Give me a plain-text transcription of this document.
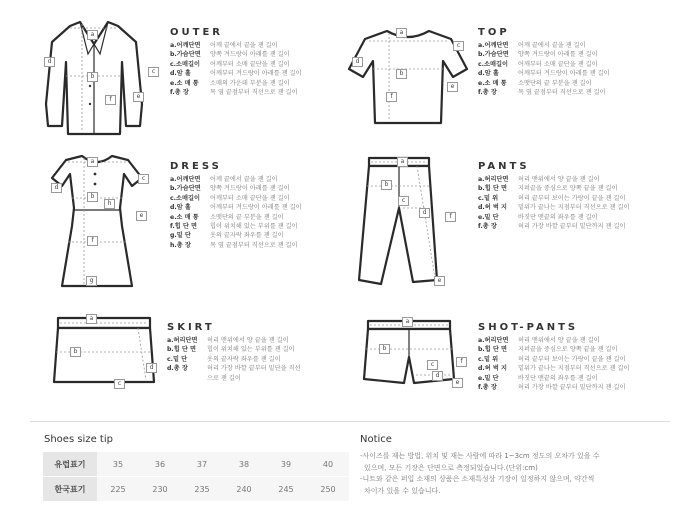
a
b
c
d
e
f
OUTER
a.어깨단면	어깨 끝에서 끝을 잰 길이
b.가슴단면	양쪽 겨드랑이 아래를 잰 길이
c.소매길이	어깨부터 소매 끝단을 잰 길이
d.암 홀	어깨부터 겨드랑이 아래를 잰 길이
e.소 매 통	소매의 가운데 부분을 잰 길이
f.총 장	목 옆 끝점부터 직선으로 잰 길이
a
b
c
d
e
f
TOP
a.어깨단면	어깨 끝에서 끝을 잰 길이
b.가슴단면	양쪽 겨드랑이 아래를 잰 길이
c.소매길이	어깨부터 소매 끝단을 잰 길이
d.암 홀	어깨부터 겨드랑이 아래를 잰 길이
e.소 매 통	소맷단의 끝 부분을 잰 길이
f.총 장	목 옆 끝점부터 직선으로 잰 길이
a
b
c
d
e
f
g
h
DRESS
a.어깨단면	어깨 끝에서 끝을 잰 길이
b.가슴단면	양쪽 겨드랑이 아래를 잰 길이
c.소매길이	어깨부터 소매 끝단을 잰 길이
d.암 홀	어깨부터 겨드랑이 아래를 잰 길이
e.소 매 통	소맷단의 끝 부분을 잰 길이
f.힙 단 면	힙이 위치해 있는 부위를 잰 길이
g.밑 단	옷의 끝자락 좌우를 잰 길이
h.총 장	목 옆 끝점부터 직선으로 잰 길이
a
b
c
d
e
f
PANTS
a.허리단면	허리 맨위에서 양 끝을 잰 길이
b.힙 단 면	지퍼끝을 중심으로 양쪽 끝을 잰 길이
c.밑 위	허리 끝부터 보이는 가랑이 끝을 잰 길이
d.허 벅 지	밑위가 끝나는 지점부터 직선으로 잰 길이
e.밑 단	바짓단 맨끝의 좌우를 잰 길이
f.총 장	허리 가장 바깥 끝부터 밑단까지 잰 길이
a
b
c
d
SKIRT
a.허리단면	허리 맨위에서 양 끝을 잰 길이
b.힙 단 면	힙이 위치해 있는 부위를 잰 길이
c.밑 단	옷의 끝자락 좌우를 잰 길이
d.총 장	허리 가장 바깥 끝부터 밑단을 직선
으로 잰 길이
a
b
c
d
e
f
SHOT-PANTS
a.허리단면	허리 맨위에서 양 끝을 잰 길이
b.힙 단 면	지퍼끝을 중심으로 양쪽 끝을 잰 길이
c.밑 위	허리 끝부터 보이는 가랑이 끝을 잰 길이
d.허 벅 지	밑위가 끝나는 지점부터 직선으로 잰 길이
e.밑 단	바짓단 맨끝의 좌우를 잰 길이
f.총 장	허리 가장 바깥 끝부터 밑단까지 잰 길이
Shoes size tip
유럽표기	35	36	37	38	39	40
한국표기	225	230	235	240	245	250
Notice
-사이즈를 재는 방법, 위치 및 재는 사람에 따라 1~3cm 정도의 오차가 있을 수
있으며, 모든 기장은 단면으로 측정되었습니다.(단위:cm)
-니트와 같은 퍼입 소재의 상품은 소재특성상 기장이 일정하지 않으며, 약간씩
차이가 있을 수 있습니다.
